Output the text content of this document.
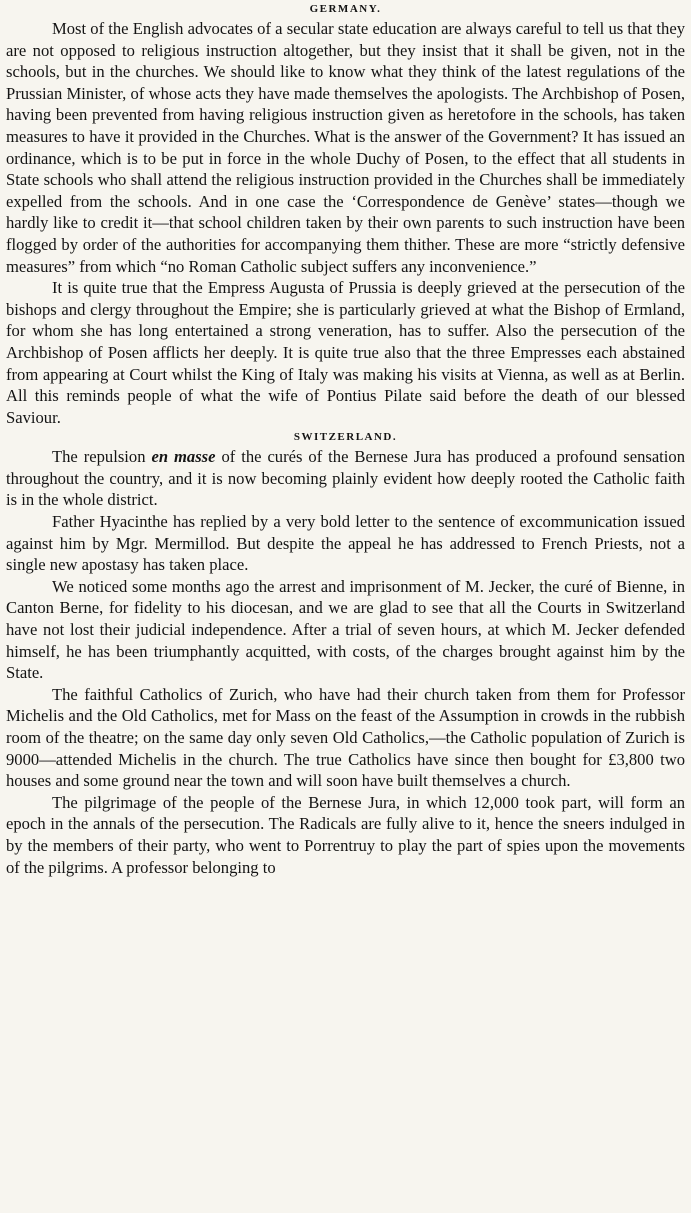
GERMANY.

Most of the English advocates of a secular state education are always careful to tell us that they are not opposed to religious instruction altogether, but they insist that it shall be given, not in the schools, but in the churches. We should like to know what they think of the latest regulations of the Prussian Minister, of whose acts they have made themselves the apologists. The Archbishop of Posen, having been prevented from having religious instruction given as heretofore in the schools, has taken measures to have it provided in the Churches. What is the answer of the Government? It has issued an ordinance, which is to be put in force in the whole Duchy of Posen, to the effect that all students in State schools who shall attend the religious instruction provided in the Churches shall be immediately expelled from the schools. And in one case the ‘Correspondence de Genève’ states—though we hardly like to credit it—that school children taken by their own parents to such instruction have been flogged by order of the authorities for accompanying them thither. These are more “strictly defensive measures” from which “no Roman Catholic subject suffers any inconvenience.”

It is quite true that the Empress Augusta of Prussia is deeply grieved at the persecution of the bishops and clergy throughout the Empire; she is particularly grieved at what the Bishop of Ermland, for whom she has long entertained a strong veneration, has to suffer. Also the persecution of the Archbishop of Posen afflicts her deeply. It is quite true also that the three Empresses each abstained from appearing at Court whilst the King of Italy was making his visits at Vienna, as well as at Berlin. All this reminds people of what the wife of Pontius Pilate said before the death of our blessed Saviour.

SWITZERLAND.

The repulsion en masse of the curés of the Bernese Jura has produced a profound sensation throughout the country, and it is now becoming plainly evident how deeply rooted the Catholic faith is in the whole district.

Father Hyacinthe has replied by a very bold letter to the sentence of excommunication issued against him by Mgr. Mermillod. But despite the appeal he has addressed to French Priests, not a single new apostasy has taken place.

We noticed some months ago the arrest and imprisonment of M. Jecker, the curé of Bienne, in Canton Berne, for fidelity to his diocesan, and we are glad to see that all the Courts in Switzerland have not lost their judicial independence. After a trial of seven hours, at which M. Jecker defended himself, he has been triumphantly acquitted, with costs, of the charges brought against him by the State.

The faithful Catholics of Zurich, who have had their church taken from them for Professor Michelis and the Old Catholics, met for Mass on the feast of the Assumption in crowds in the rubbish room of the theatre; on the same day only seven Old Catholics,—the Catholic population of Zurich is 9000—attended Michelis in the church. The true Catholics have since then bought for £3,800 two houses and some ground near the town and will soon have built themselves a church.

The pilgrimage of the people of the Bernese Jura, in which 12,000 took part, will form an epoch in the annals of the persecution. The Radicals are fully alive to it, hence the sneers indulged in by the members of their party, who went to Porrentruy to play the part of spies upon the movements of the pilgrims. A professor belonging to
